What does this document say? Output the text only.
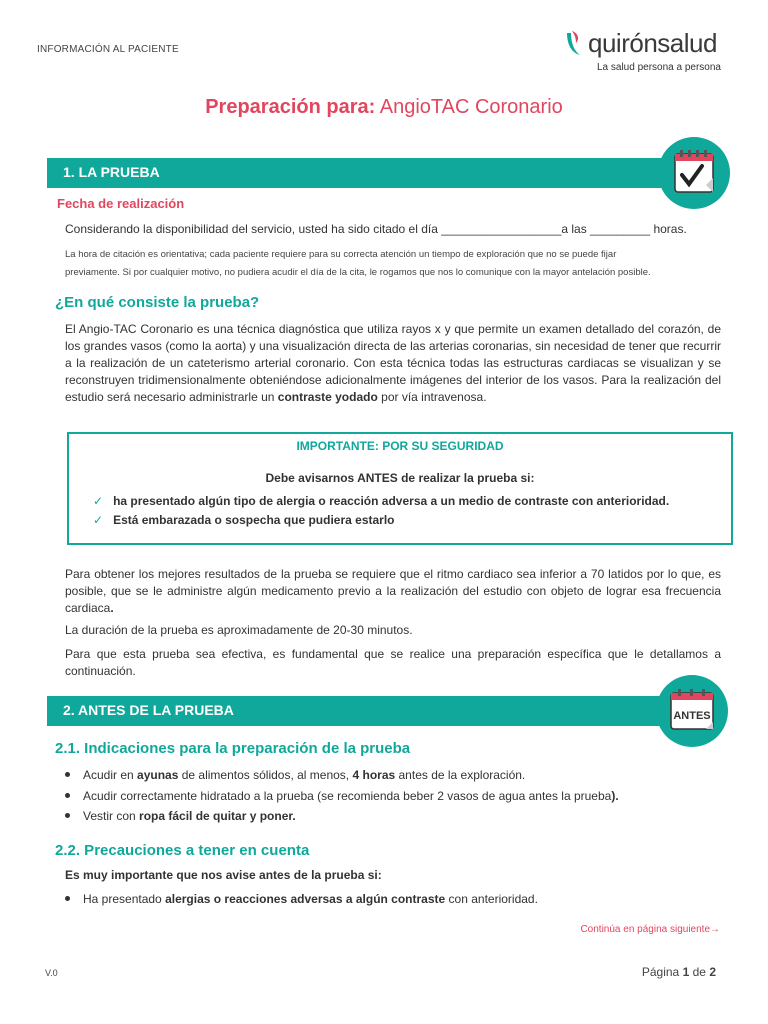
INFORMACIÓN AL PACIENTE	quirónsalud
La salud persona a persona
Preparación para: AngioTAC Coronario
1. LA PRUEBA
Fecha de realización
Considerando la disponibilidad del servicio, usted ha sido citado el día __________________a las _________ horas.
La hora de citación es orientativa; cada paciente requiere para su correcta atención un tiempo de exploración que no se puede fijar
previamente. Si por cualquier motivo, no pudiera acudir el día de la cita, le rogamos que nos lo comunique con la mayor antelación posible.
¿En qué consiste la prueba?
El Angio-TAC Coronario es una técnica diagnóstica que utiliza rayos x y que permite un examen detallado del corazón, de los grandes vasos (como la aorta) y una visualización directa de las arterias coronarias, sin necesidad de tener que recurrir a la realización de un cateterismo arterial coronario. Con esta técnica todas las estructuras cardiacas se visualizan y se reconstruyen tridimensionalmente obteniéndose adicionalmente imágenes del interior de los vasos. Para la realización del estudio será necesario administrarle un contraste yodado por vía intravenosa.
IMPORTANTE: POR SU SEGURIDAD
Debe avisarnos ANTES de realizar la prueba si:
✓ ha presentado algún tipo de alergia o reacción adversa a un medio de contraste con anterioridad.
✓ Está embarazada o sospecha que pudiera estarlo
Para obtener los mejores resultados de la prueba se requiere que el ritmo cardiaco sea inferior a 70 latidos por lo que, es posible, que se le administre algún medicamento previo a la realización del estudio con objeto de lograr esa frecuencia cardiaca.
La duración de la prueba es aproximadamente de 20-30 minutos.
Para que esta prueba sea efectiva, es fundamental que se realice una preparación específica que le detallamos a continuación.
2. ANTES DE LA PRUEBA	ANTES
2.1. Indicaciones para la preparación de la prueba
Acudir en ayunas de alimentos sólidos, al menos, 4 horas antes de la exploración.
Acudir correctamente hidratado a la prueba (se recomienda beber 2 vasos de agua antes la prueba).
Vestir con ropa fácil de quitar y poner.
2.2. Precauciones a tener en cuenta
Es muy importante que nos avise antes de la prueba si:
Ha presentado alergias o reacciones adversas a algún contraste con anterioridad.
Continúa en página siguiente→
V.0	Página 1 de 2
